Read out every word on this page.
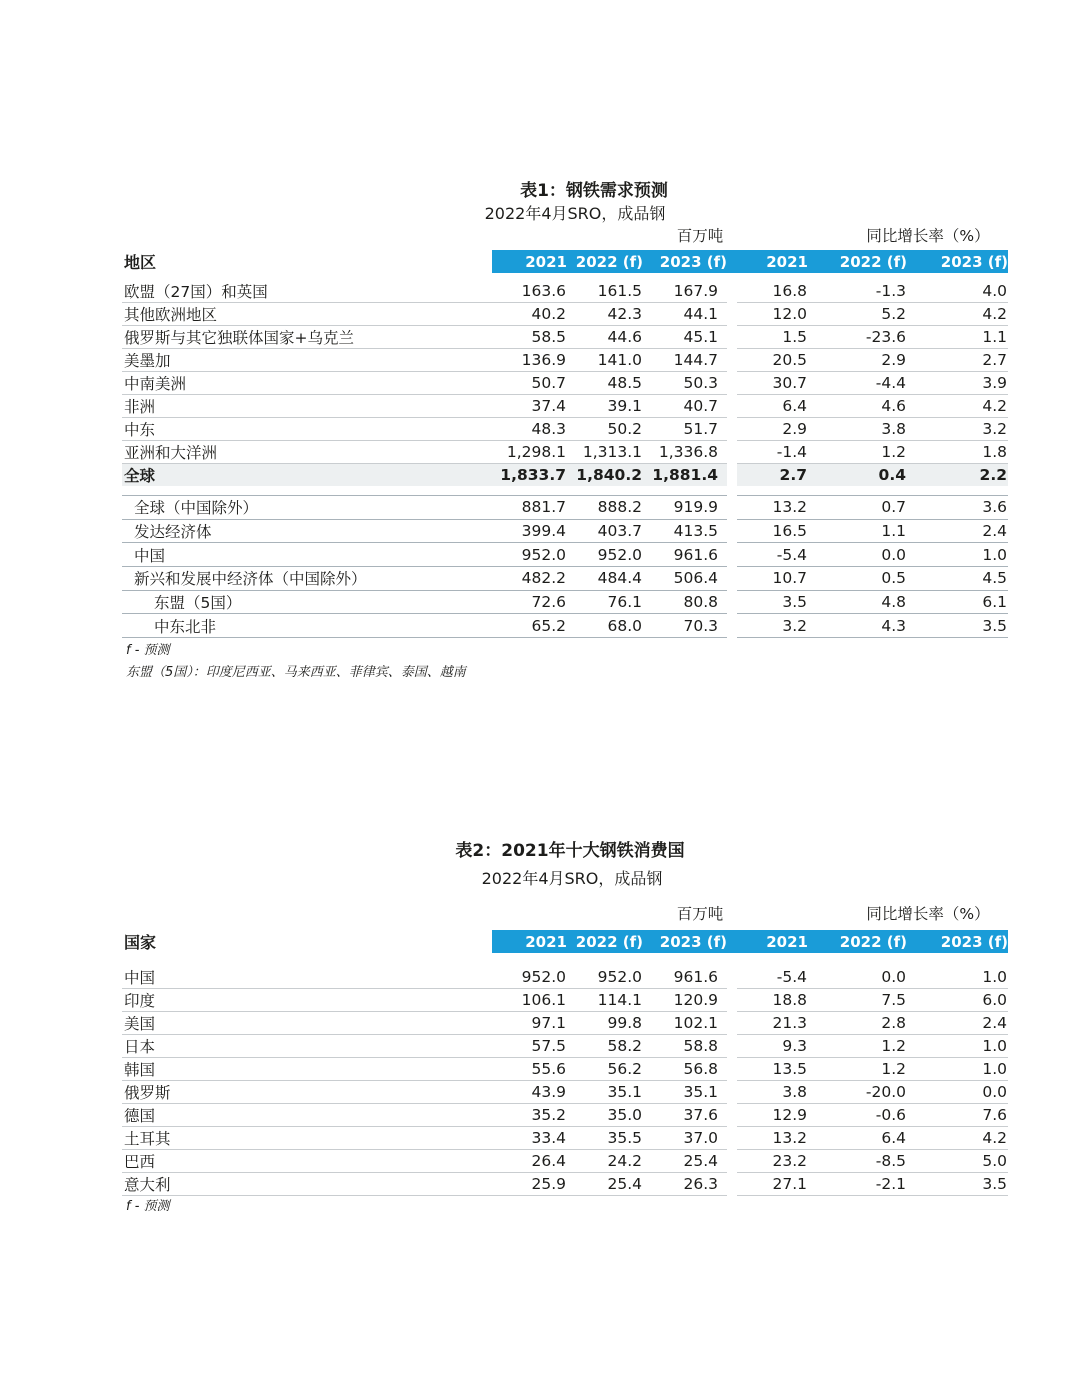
表1：钢铁需求预测
2022年4月SRO，成品钢
百万吨	同比增长率（%）
地区	2021	2022 (f)	2023 (f)		2021	2022 (f)	2023 (f)

欧盟（27国）和英国	163.6	161.5	167.9		16.8	-1.3	4.0
其他欧洲地区	40.2	42.3	44.1		12.0	5.2	4.2
俄罗斯与其它独联体国家+乌克兰	58.5	44.6	45.1		1.5	-23.6	1.1
美墨加	136.9	141.0	144.7		20.5	2.9	2.7
中南美洲	50.7	48.5	50.3		30.7	-4.4	3.9
非洲	37.4	39.1	40.7		6.4	4.6	4.2
中东	48.3	50.2	51.7		2.9	3.8	3.2
亚洲和大洋洲	1,298.1	1,313.1	1,336.8		-1.4	1.2	1.8
全球	1,833.7	1,840.2	1,881.4		2.7	0.4	2.2

全球（中国除外）	881.7	888.2	919.9		13.2	0.7	3.6
发达经济体	399.4	403.7	413.5		16.5	1.1	2.4
中国	952.0	952.0	961.6		-5.4	0.0	1.0
新兴和发展中经济体（中国除外）	482.2	484.4	506.4		10.7	0.5	4.5
东盟（5国）	72.6	76.1	80.8		3.5	4.8	6.1
中东北非	65.2	68.0	70.3		3.2	4.3	3.5
f - 预测
东盟（5国）：印度尼西亚、马来西亚、菲律宾、泰国、越南
表2：2021年十大钢铁消费国
2022年4月SRO，成品钢
百万吨	同比增长率（%）
国家	2021	2022 (f)	2023 (f)		2021	2022 (f)	2023 (f)

中国	952.0	952.0	961.6		-5.4	0.0	1.0
印度	106.1	114.1	120.9		18.8	7.5	6.0
美国	97.1	99.8	102.1		21.3	2.8	2.4
日本	57.5	58.2	58.8		9.3	1.2	1.0
韩国	55.6	56.2	56.8		13.5	1.2	1.0
俄罗斯	43.9	35.1	35.1		3.8	-20.0	0.0
德国	35.2	35.0	37.6		12.9	-0.6	7.6
土耳其	33.4	35.5	37.0		13.2	6.4	4.2
巴西	26.4	24.2	25.4		23.2	-8.5	5.0
意大利	25.9	25.4	26.3		27.1	-2.1	3.5
f - 预测
